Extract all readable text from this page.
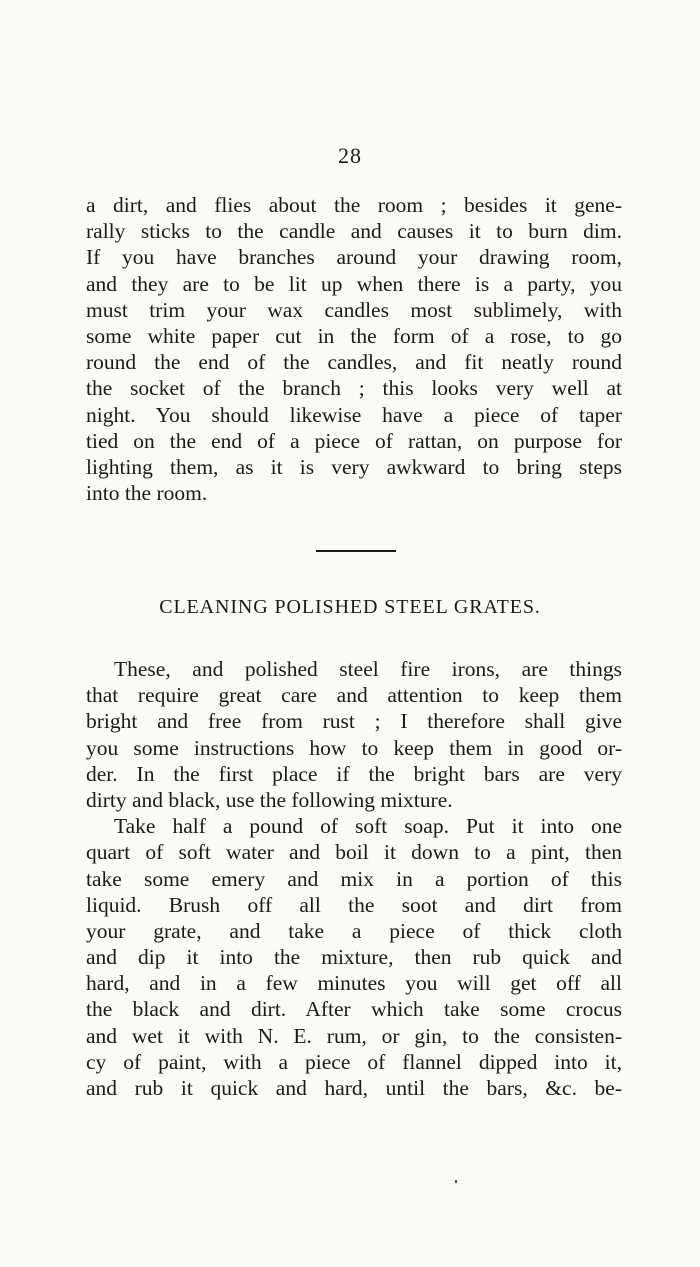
28
a dirt, and flies about the room ; besides it gene-
rally sticks to the candle and causes it to burn dim.
If you have branches around your drawing room,
and they are to be lit up when there is a party, you
must trim your wax candles most sublimely, with
some white paper cut in the form of a rose, to go
round the end of the candles, and fit neatly round
the socket of the branch ; this looks very well at
night. You should likewise have a piece of taper
tied on the end of a piece of rattan, on purpose for
lighting them, as it is very awkward to bring steps
into the room.
CLEANING POLISHED STEEL GRATES.
These, and polished steel fire irons, are things
that require great care and attention to keep them
bright and free from rust ; I therefore shall give
you some instructions how to keep them in good or-
der. In the first place if the bright bars are very
dirty and black, use the following mixture.
Take half a pound of soft soap. Put it into one
quart of soft water and boil it down to a pint, then
take some emery and mix in a portion of this
liquid. Brush off all the soot and dirt from
your grate, and take a piece of thick cloth
and dip it into the mixture, then rub quick and
hard, and in a few minutes you will get off all
the black and dirt. After which take some crocus
and wet it with N. E. rum, or gin, to the consisten-
cy of paint, with a piece of flannel dipped into it,
and rub it quick and hard, until the bars, &c. be-
